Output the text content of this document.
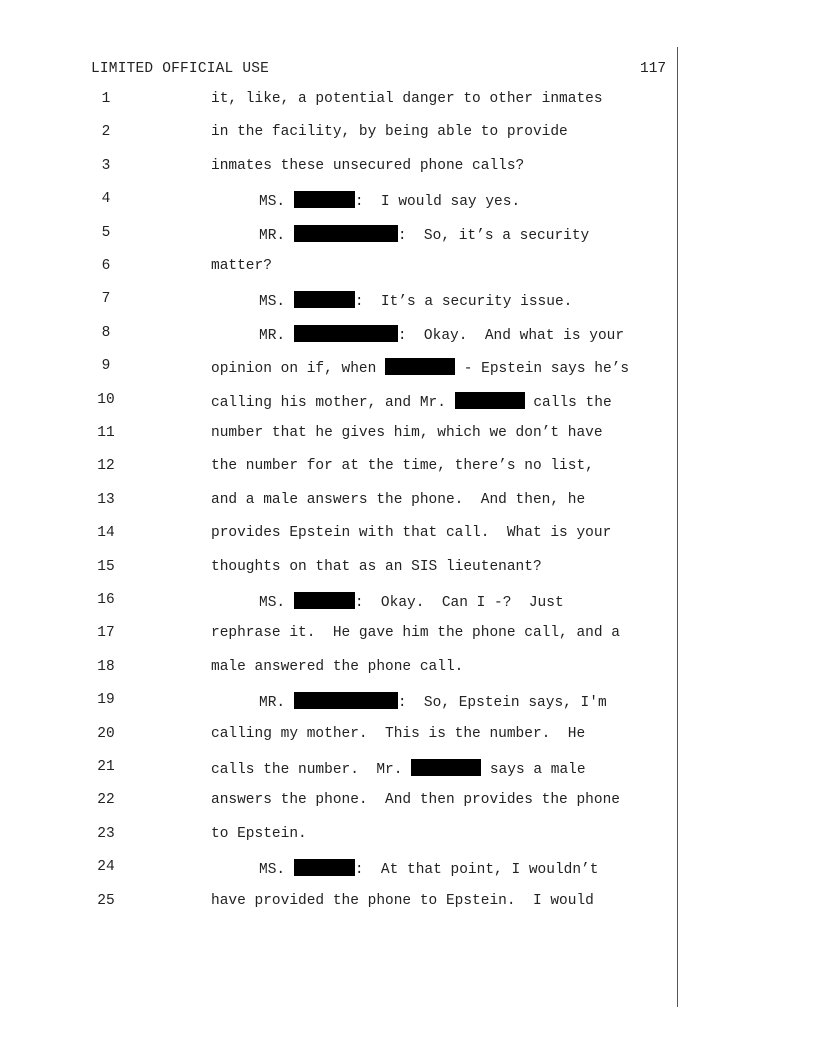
LIMITED OFFICIAL USE	117
1	it, like, a potential danger to other inmates
2	in the facility, by being able to provide
3	inmates these unsecured phone calls?
4	MS.	:  I would say yes.
5	MR.	:  So, it’s a security
6	matter?
7	MS.	:  It’s a security issue.
8	MR.	:  Okay.  And what is your
9	opinion on if, when	- Epstein says he’s
10	calling his mother, and Mr.	calls the
11	number that he gives him, which we don’t have
12	the number for at the time, there’s no list,
13	and a male answers the phone.  And then, he
14	provides Epstein with that call.  What is your
15	thoughts on that as an SIS lieutenant?
16	MS.	:  Okay.  Can I -?  Just
17	rephrase it.  He gave him the phone call, and a
18	male answered the phone call.
19	MR.	:  So, Epstein says, I'm
20	calling my mother.  This is the number.  He
21	calls the number.  Mr.	says a male
22	answers the phone.  And then provides the phone
23	to Epstein.
24	MS.	:  At that point, I wouldn’t
25	have provided the phone to Epstein.  I would
